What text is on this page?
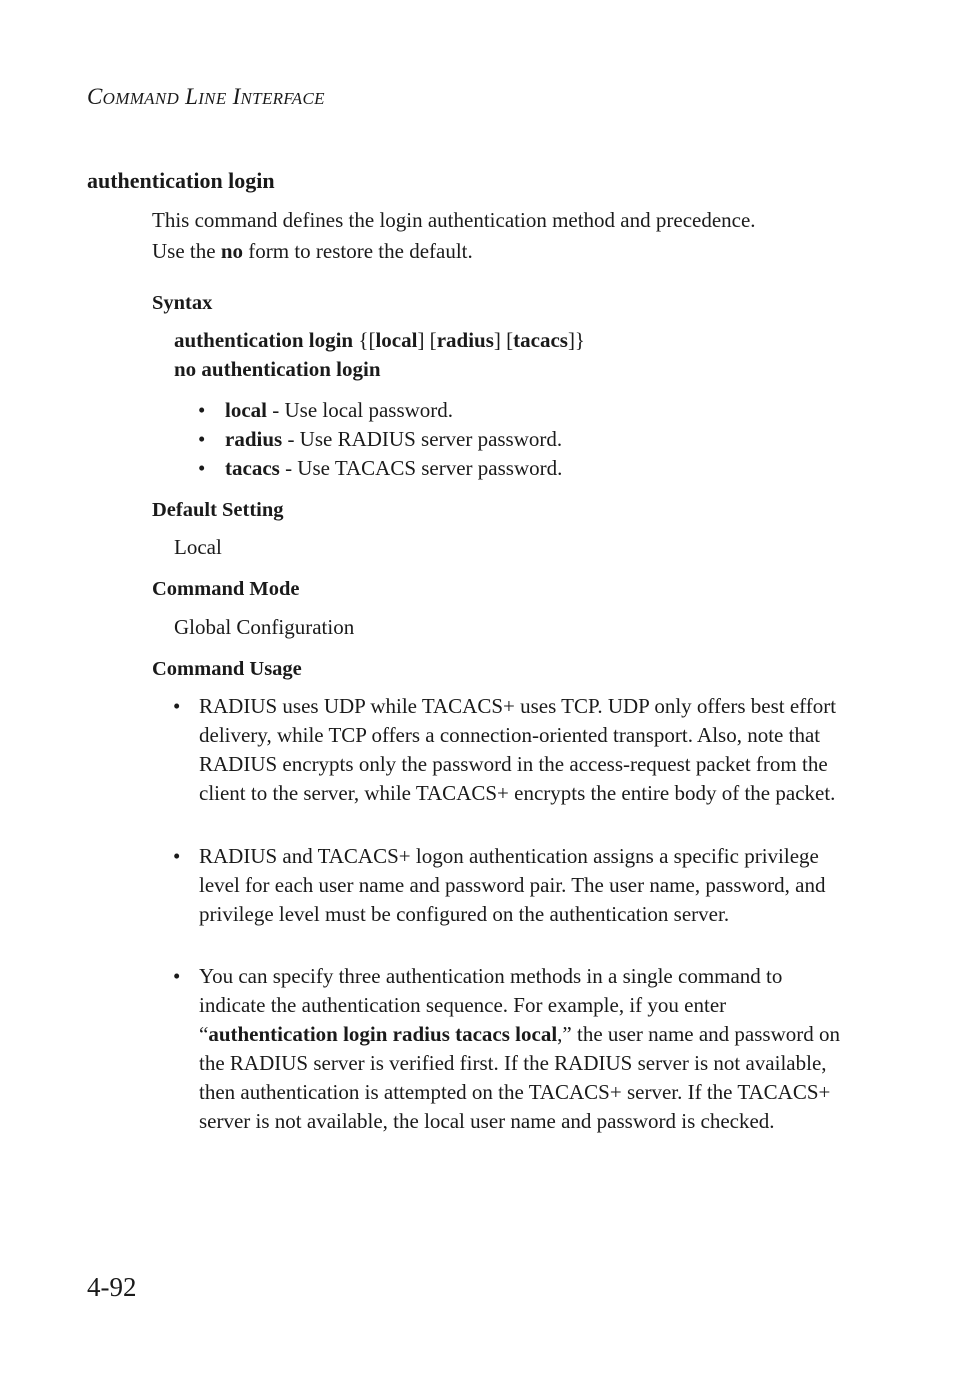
COMMAND LINE INTERFACE
authentication login
This command defines the login authentication method and precedence.
Use the no form to restore the default.
Syntax
authentication login {[local] [radius] [tacacs]}
no authentication login
• local - Use local password.
• radius - Use RADIUS server password.
• tacacs - Use TACACS server password.
Default Setting
Local
Command Mode
Global Configuration
Command Usage
• RADIUS uses UDP while TACACS+ uses TCP. UDP only offers best effort delivery, while TCP offers a connection-oriented transport. Also, note that RADIUS encrypts only the password in the access-request packet from the client to the server, while TACACS+ encrypts the entire body of the packet.
• RADIUS and TACACS+ logon authentication assigns a specific privilege level for each user name and password pair. The user name, password, and privilege level must be configured on the authentication server.
• You can specify three authentication methods in a single command to indicate the authentication sequence. For example, if you enter “authentication login radius tacacs local,” the user name and password on the RADIUS server is verified first. If the RADIUS server is not available, then authentication is attempted on the TACACS+ server. If the TACACS+ server is not available, the local user name and password is checked.
4-92
